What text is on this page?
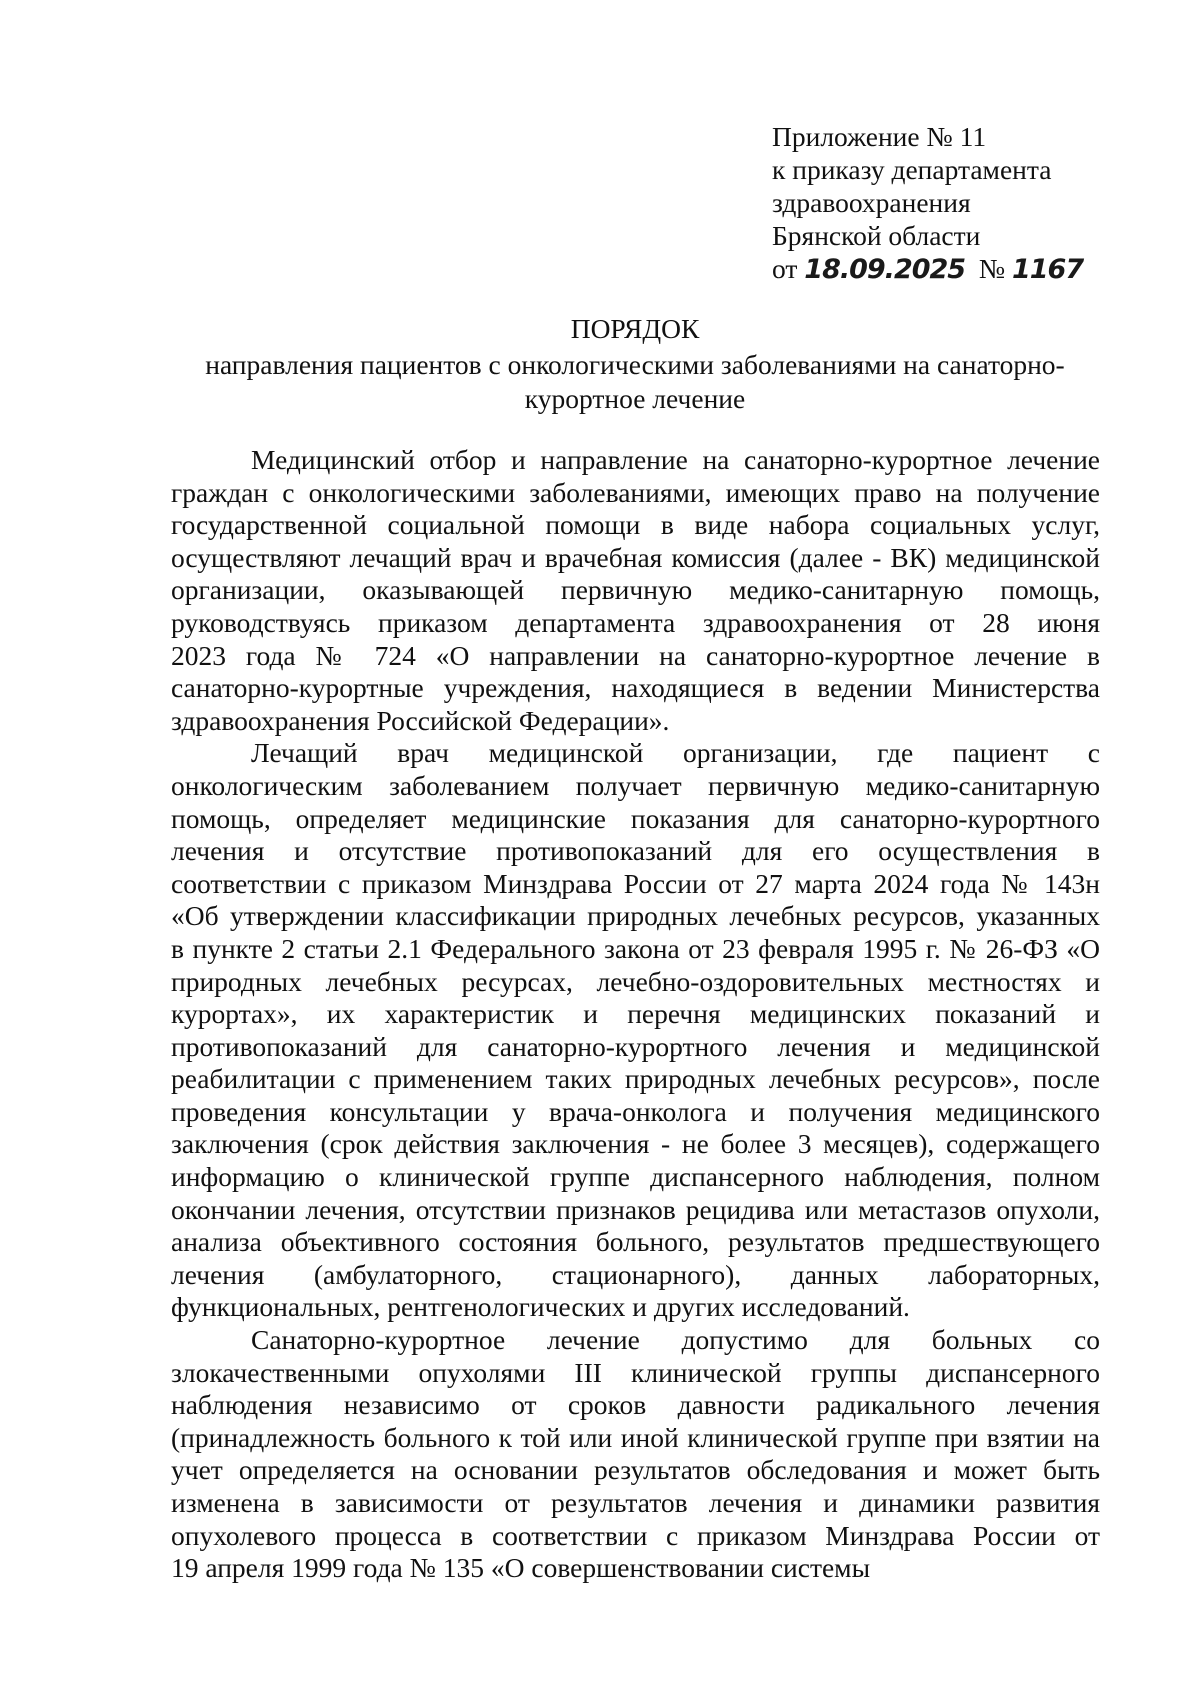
Приложение № 11
к приказу департамента
здравоохранения
Брянской области
от 18.09.2025 № 1167
ПОРЯДОК
направления пациентов с онкологическими заболеваниями на санаторно-
курортное лечение
Медицинский отбор и направление на санаторно-курортное лечение
граждан с онкологическими заболеваниями, имеющих право на получение
государственной социальной помощи в виде набора социальных услуг,
осуществляют лечащий врач и врачебная комиссия (далее - ВК) медицинской
организации, оказывающей первичную медико-санитарную помощь,
руководствуясь приказом департамента здравоохранения от 28 июня
2023 года № 724 «О направлении на санаторно-курортное лечение в
санаторно-курортные учреждения, находящиеся в ведении Министерства
здравоохранения Российской Федерации».
Лечащий врач медицинской организации, где пациент с
онкологическим заболеванием получает первичную медико-санитарную
помощь, определяет медицинские показания для санаторно-курортного
лечения и отсутствие противопоказаний для его осуществления в
соответствии с приказом Минздрава России от 27 марта 2024 года № 143н
«Об утверждении классификации природных лечебных ресурсов, указанных
в пункте 2 статьи 2.1 Федерального закона от 23 февраля 1995 г. № 26-ФЗ «О
природных лечебных ресурсах, лечебно-оздоровительных местностях и
курортах», их характеристик и перечня медицинских показаний и
противопоказаний для санаторно-курортного лечения и медицинской
реабилитации с применением таких природных лечебных ресурсов», после
проведения консультации у врача-онколога и получения медицинского
заключения (срок действия заключения - не более 3 месяцев), содержащего
информацию о клинической группе диспансерного наблюдения, полном
окончании лечения, отсутствии признаков рецидива или метастазов опухоли,
анализа объективного состояния больного, результатов предшествующего
лечения (амбулаторного, стационарного), данных лабораторных,
функциональных, рентгенологических и других исследований.
Санаторно-курортное лечение допустимо для больных со
злокачественными опухолями III клинической группы диспансерного
наблюдения независимо от сроков давности радикального лечения
(принадлежность больного к той или иной клинической группе при взятии на
учет определяется на основании результатов обследования и может быть
изменена в зависимости от результатов лечения и динамики развития
опухолевого процесса в соответствии с приказом Минздрава России от
19 апреля 1999 года № 135 «О совершенствовании системы
